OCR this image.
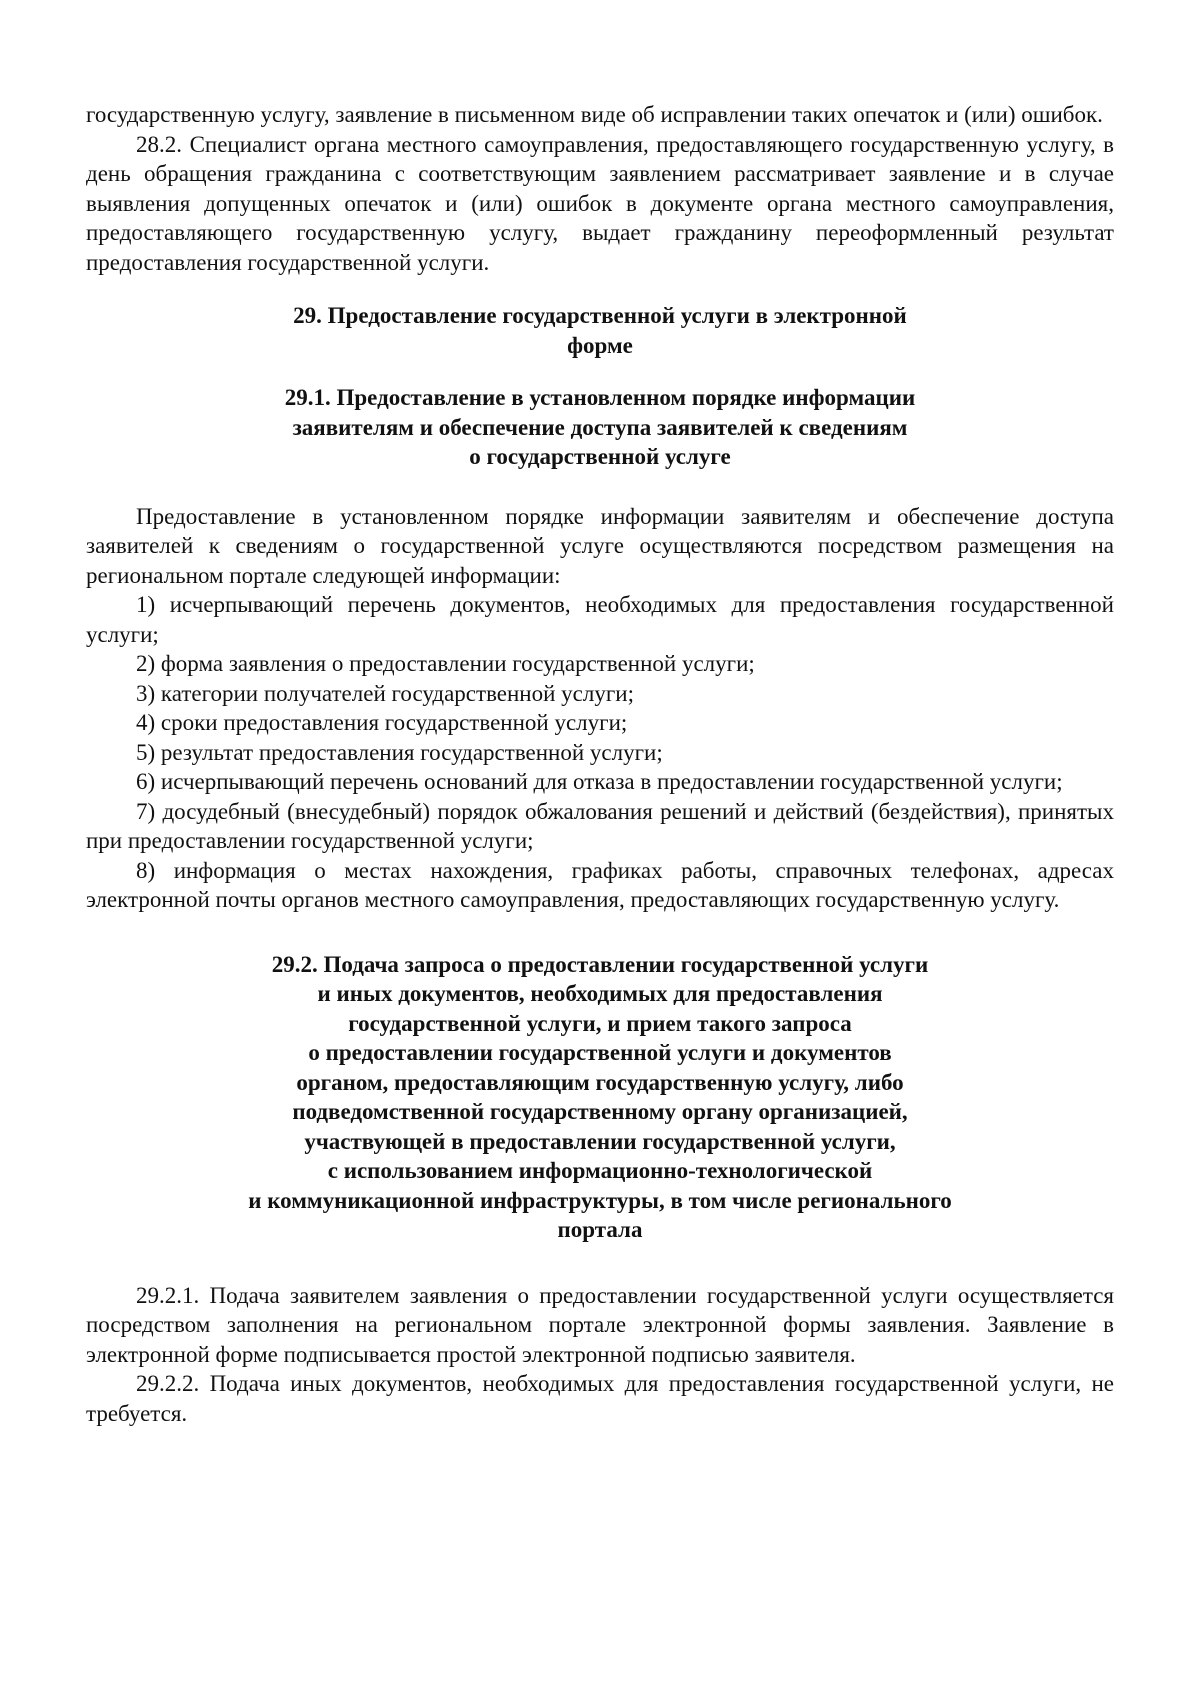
государственную услугу, заявление в письменном виде об исправлении таких опечаток и (или) ошибок.

28.2. Специалист органа местного самоуправления, предоставляющего государственную услугу, в день обращения гражданина с соответствующим заявлением рассматривает заявление и в случае выявления допущенных опечаток и (или) ошибок в документе органа местного самоуправления, предоставляющего государственную услугу, выдает гражданину переоформленный результат предоставления государственной услуги.

29. Предоставление государственной услуги в электронной
форме
29.1. Предоставление в установленном порядке информации
заявителям и обеспечение доступа заявителей к сведениям
о государственной услуге

Предоставление в установленном порядке информации заявителям и обеспечение доступа заявителей к сведениям о государственной услуге осуществляются посредством размещения на региональном портале следующей информации:

1) исчерпывающий перечень документов, необходимых для предоставления государственной услуги;

2) форма заявления о предоставлении государственной услуги;

3) категории получателей государственной услуги;

4) сроки предоставления государственной услуги;

5) результат предоставления государственной услуги;

6) исчерпывающий перечень оснований для отказа в предоставлении государственной услуги;

7) досудебный (внесудебный) порядок обжалования решений и действий (бездействия), принятых при предоставлении государственной услуги;

8) информация о местах нахождения, графиках работы, справочных телефонах, адресах электронной почты органов местного самоуправления, предоставляющих государственную услугу.

29.2. Подача запроса о предоставлении государственной услуги
и иных документов, необходимых для предоставления
государственной услуги, и прием такого запроса
о предоставлении государственной услуги и документов
органом, предоставляющим государственную услугу, либо
подведомственной государственному органу организацией,
участвующей в предоставлении государственной услуги,
с использованием информационно-технологической
и коммуникационной инфраструктуры, в том числе регионального
портала

29.2.1. Подача заявителем заявления о предоставлении государственной услуги осуществляется посредством заполнения на региональном портале электронной формы заявления. Заявление в электронной форме подписывается простой электронной подписью заявителя.

29.2.2. Подача иных документов, необходимых для предоставления государственной услуги, не требуется.
